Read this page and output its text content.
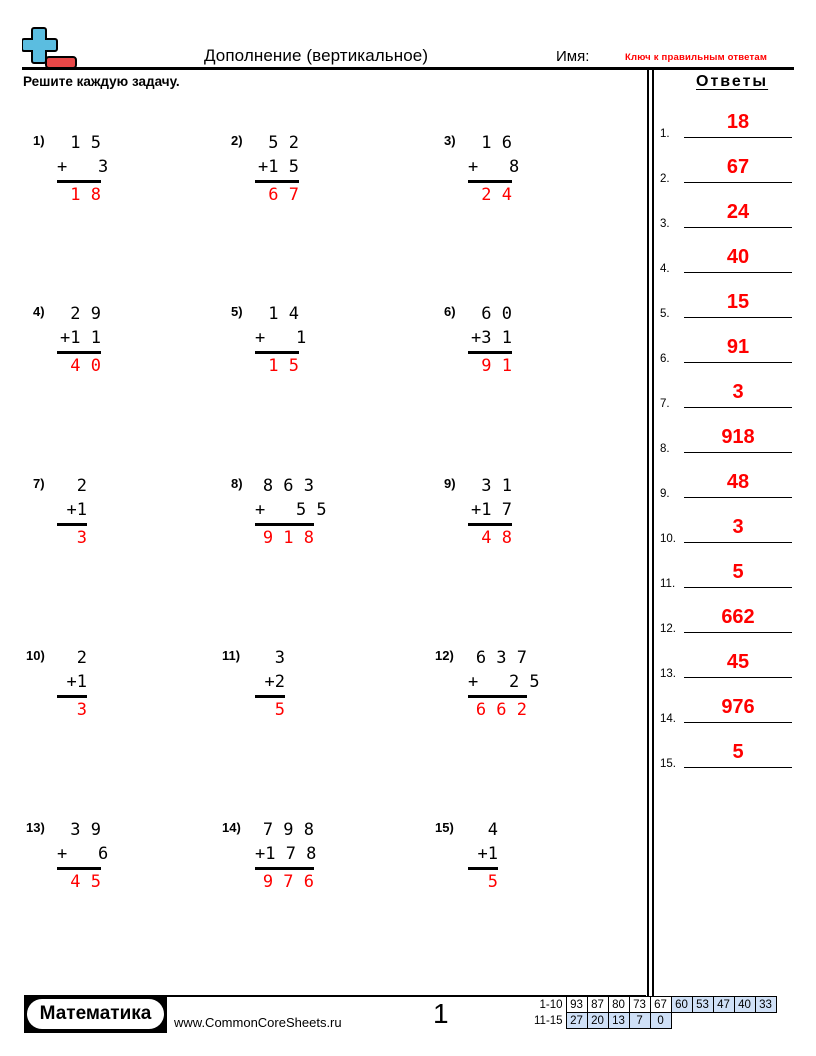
Дополнение (вертикальное)	Имя:	Ключ к правильным ответам
Решите каждую задачу.
1)	1 5
+   3
1 8
2)	5 2
+1 5
6 7
3)	1 6
+   8
2 4
4)	2 9
+1 1
4 0
5)	1 4
+   1
1 5
6)	6 0
+3 1
9 1
7)	2
+1
3
8)	8 6 3
+   5 5
9 1 8
9)	3 1
+1 7
4 8
10)	2
+1
3
11)	3
+2
5
12)	6 3 7
+   2 5
6 6 2
13)	3 9
+   6
4 5
14)	7 9 8
+1 7 8
9 7 6
15)	4
+1
5
Ответы
1.
18
2.
67
3.
24
4.
40
5.
15
6.
91
7.
3
8.
918
9.
48
10.
3
11.
5
12.
662
13.
45
14.
976
15.
5
Математика	www.CommonCoreSheets.ru	1	1-10	93	87	80	73	67	60	53	47	40	33
11-15	27	20	13	7	0					
